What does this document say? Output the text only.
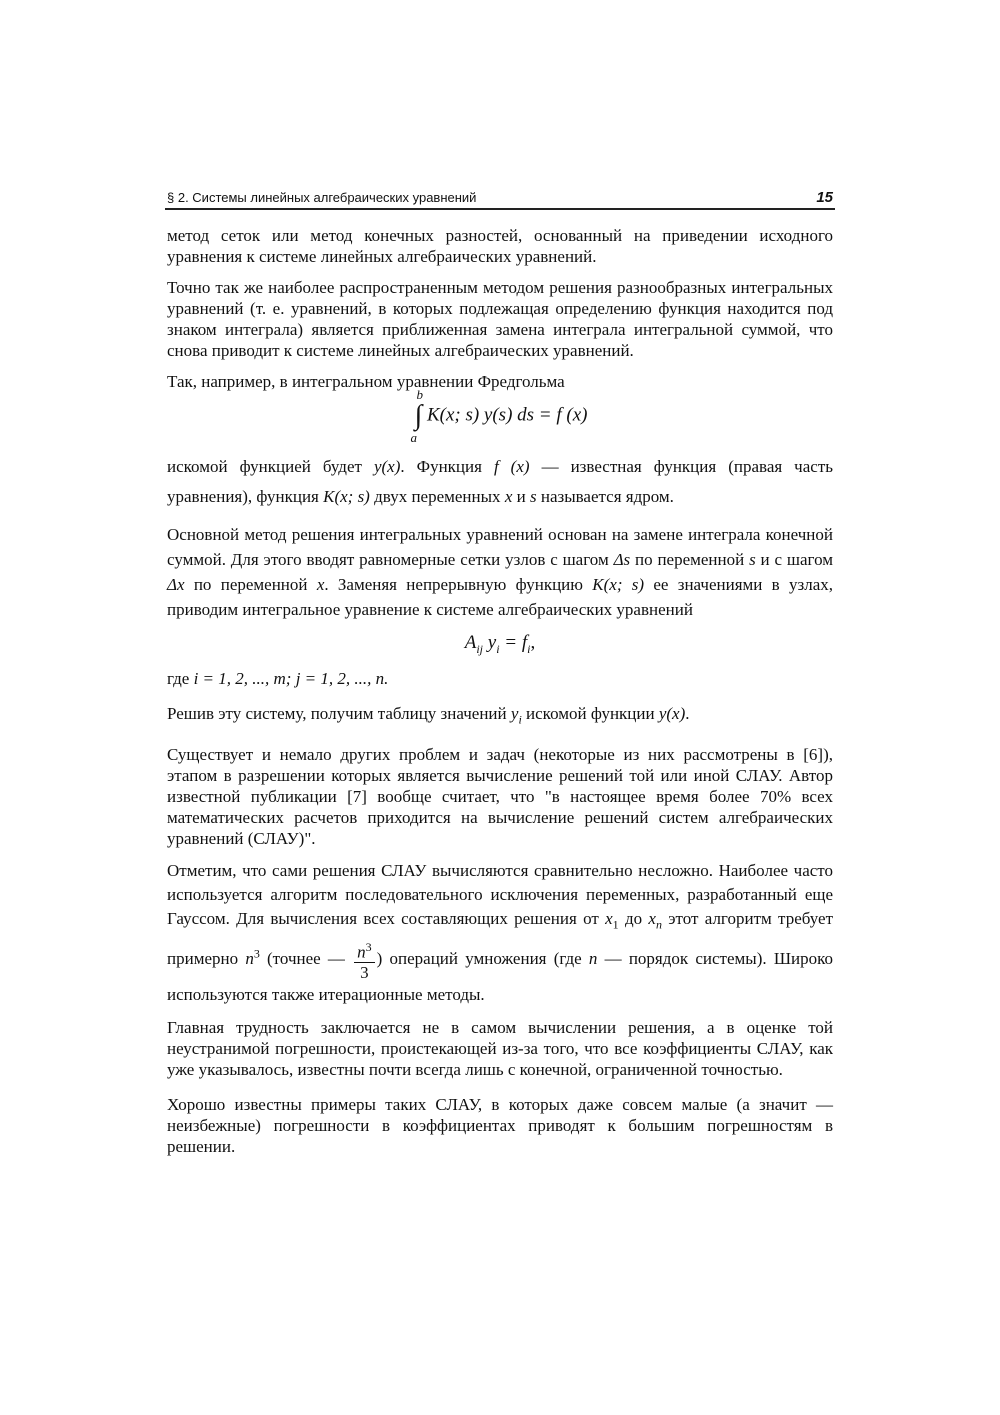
§ 2. Системы линейных алгебраических уравнений	15

метод сеток или метод конечных разностей, основанный на приведении исходного уравнения к системе линейных алгебраических уравнений.

Точно так же наиболее распространенным методом решения разнообразных интегральных уравнений (т. е. уравнений, в которых подлежащая определению функция находится под знаком интеграла) является приближенная замена интеграла интегральной суммой, что снова приводит к системе линейных алгебраических уравнений.

Так, например, в интегральном уравнении Фредгольма

b
∫
a
K(x; s) y(s) ds = f (x)

искомой функцией будет y(x). Функция f (x) — известная функция (правая часть уравнения), функция K(x; s) двух переменных x и s называется ядром.

Основной метод решения интегральных уравнений основан на замене интеграла конечной суммой. Для этого вводят равномерные сетки узлов с шагом Δs по переменной s и с шагом Δx по переменной x. Заменяя непрерывную функцию K(x; s) ее значениями в узлах, приводим интегральное уравнение к системе алгебраических уравнений

$A_{ij}$ $y_i = f_i$,

где i = 1, 2, ..., m; j = 1, 2, ..., n.

Решив эту систему, получим таблицу значений $y_i$ искомой функции y(x).

Существует и немало других проблем и задач (некоторые из них рассмотрены в [6]), этапом в разрешении которых является вычисление решений той или иной СЛАУ. Автор известной публикации [7] вообще считает, что "в настоящее время более 70% всех математических расчетов приходится на вычисление решений систем алгебраических уравнений (СЛАУ)".

Отметим, что сами решения СЛАУ вычисляются сравнительно несложно. Наиболее часто используется алгоритм последовательного исключения переменных, разработанный еще Гауссом. Для вычисления всех составляющих решения от $x_1$ до $x_n$ этот алгоритм требует примерно $n^3$ (точнее — $\frac{n^3}{3}$ ) операций умножения (где n — порядок системы). Широко используются также итерационные методы.

Главная трудность заключается не в самом вычислении решения, а в оценке той неустранимой погрешности, проистекающей из-за того, что все коэффициенты СЛАУ, как уже указывалось, известны почти всегда лишь с конечной, ограниченной точностью.

Хорошо известны примеры таких СЛАУ, в которых даже совсем малые (а значит — неизбежные) погрешности в коэффициентах приводят к большим погрешностям в решении.
